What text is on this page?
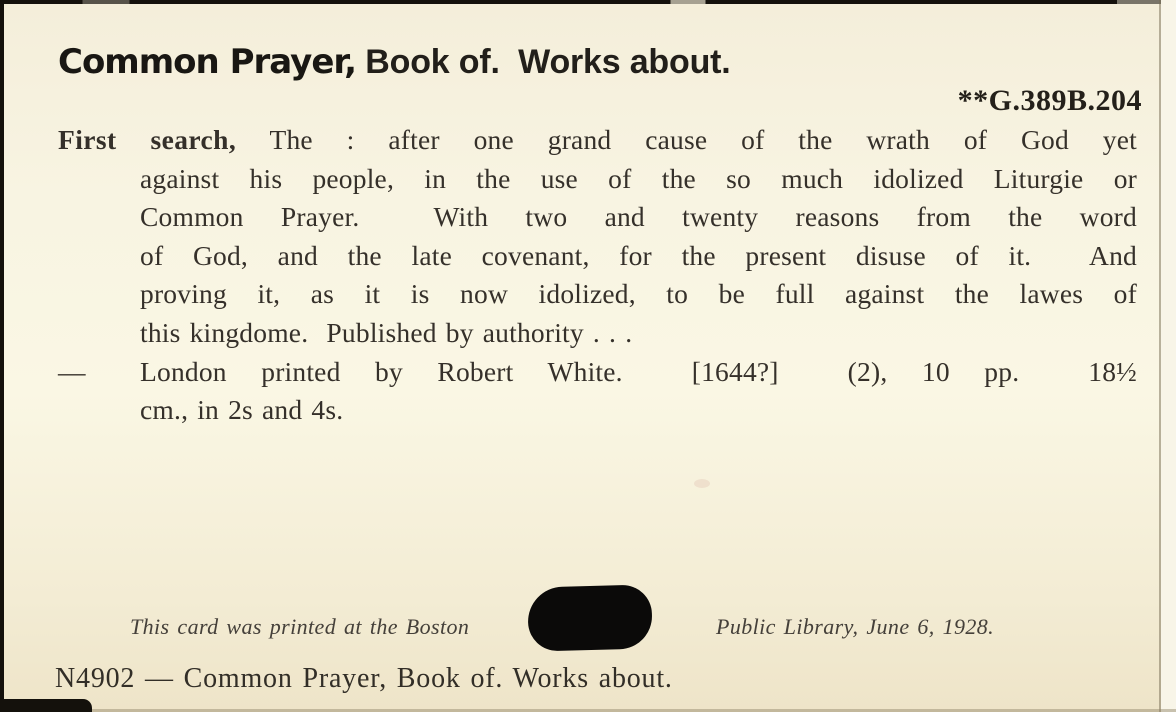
Common Prayer, Book of.  Works about.
**G.389B.204
First search, The : after one grand cause of the wrath of God yet
against his people, in the use of the so much idolized Liturgie or
Common Prayer.  With two and twenty reasons from the word
of God, and the late covenant, for the present disuse of it.  And
proving it, as it is now idolized, to be full against the lawes of
this kingdome.  Published by authority . . .
— London printed by Robert White.  [1644?]  (2), 10 pp.  18½
cm., in 2s and 4s.
This card was printed at the Boston	Public Library, June 6, 1928.
N4902 — Common Prayer, Book of. Works about.
